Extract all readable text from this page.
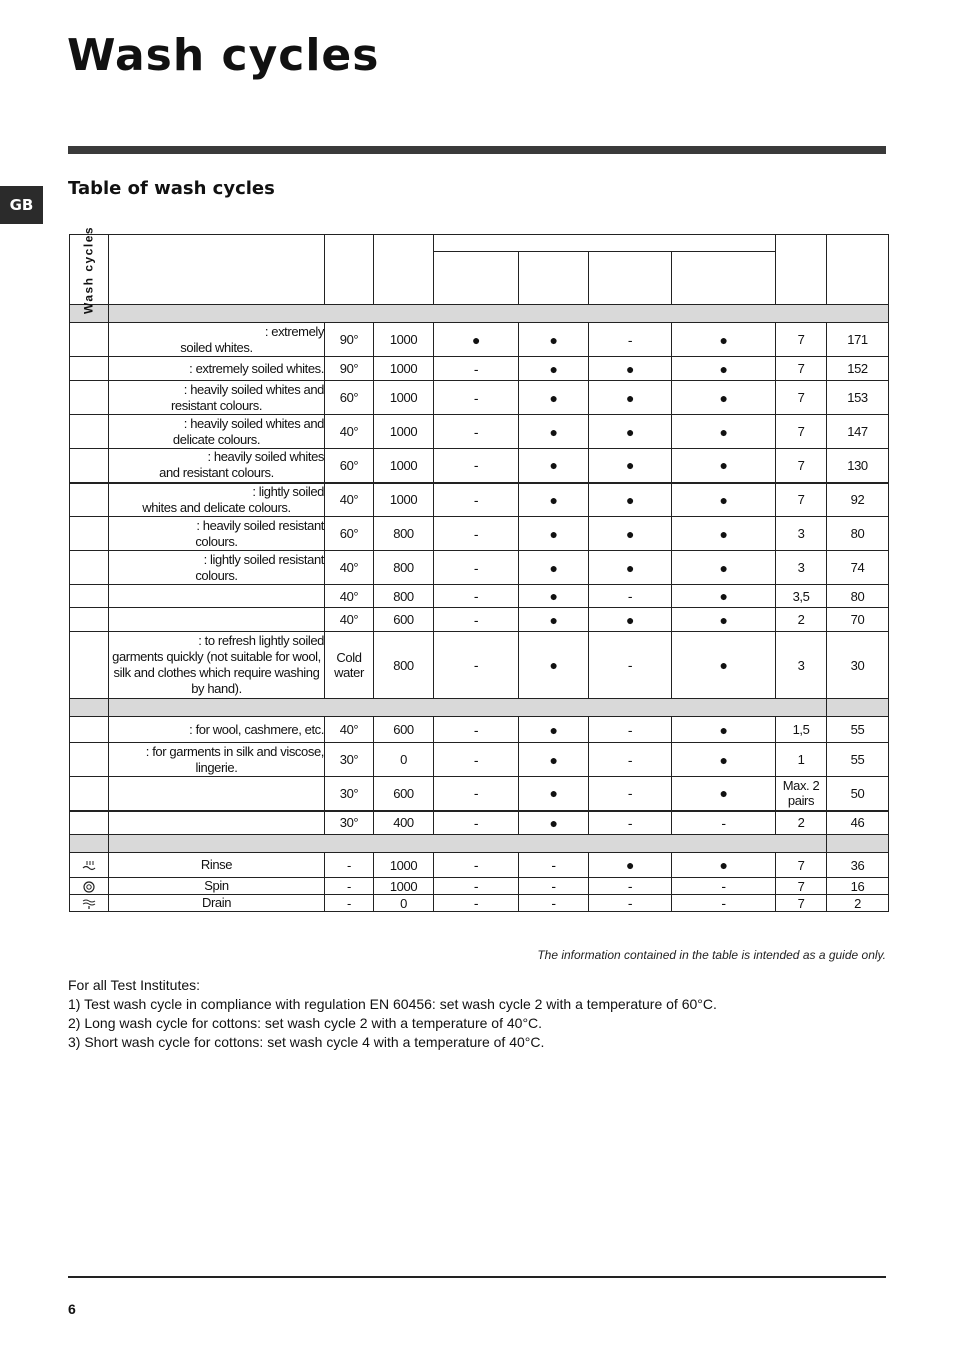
Wash cycles
GB
Table of wash cycles
Wash cycles									

	: extremely
soiled whites.	90°	1000	●	●	-	●	7	171

	: extremely soiled whites.	90°	1000	-	●	●	●	7	152

	: heavily soiled whites and
resistant colours.	60°	1000	-	●	●	●	7	153

	: heavily soiled whites and
delicate colours.	40°	1000	-	●	●	●	7	147

	: heavily soiled whites
and resistant colours.	60°	1000	-	●	●	●	7	130

	: lightly soiled
whites and delicate colours.	40°	1000	-	●	●	●	7	92

	: heavily soiled resistant
colours.	60°	800	-	●	●	●	3	80

	: lightly soiled resistant
colours.	40°	800	-	●	●	●	3	74

	40°	800	-	●	-	●	3,5	80

	40°	600	-	●	●	●	2	70

	: to refresh lightly soiled
garments quickly (not suitable for wool, silk and clothes which require washing by hand).	Cold water	800	-	●	-	●	3	30

	: for wool, cashmere, etc.	40°	600	-	●	-	●	1,5	55

	: for garments in silk and viscose,
lingerie.	30°	0	-	●	-	●	1	55

	30°	600	-	●	-	●	Max. 2 pairs	50

	30°	400	-	●	-	-	2	46

	Rinse	-	1000	-	-	●	●	7	36
	Spin	-	1000	-	-	-	-	7	16
	Drain	-	0	-	-	-	-	7	2

The information contained in the table is intended as a guide only.

For all Test Institutes:
1) Test wash cycle in compliance with regulation EN 60456: set wash cycle 2 with a temperature of 60°C.
2) Long wash cycle for cottons: set wash cycle 2 with a temperature of 40°C.
3) Short wash cycle for cottons: set wash cycle 4 with a temperature of 40°C.
6
